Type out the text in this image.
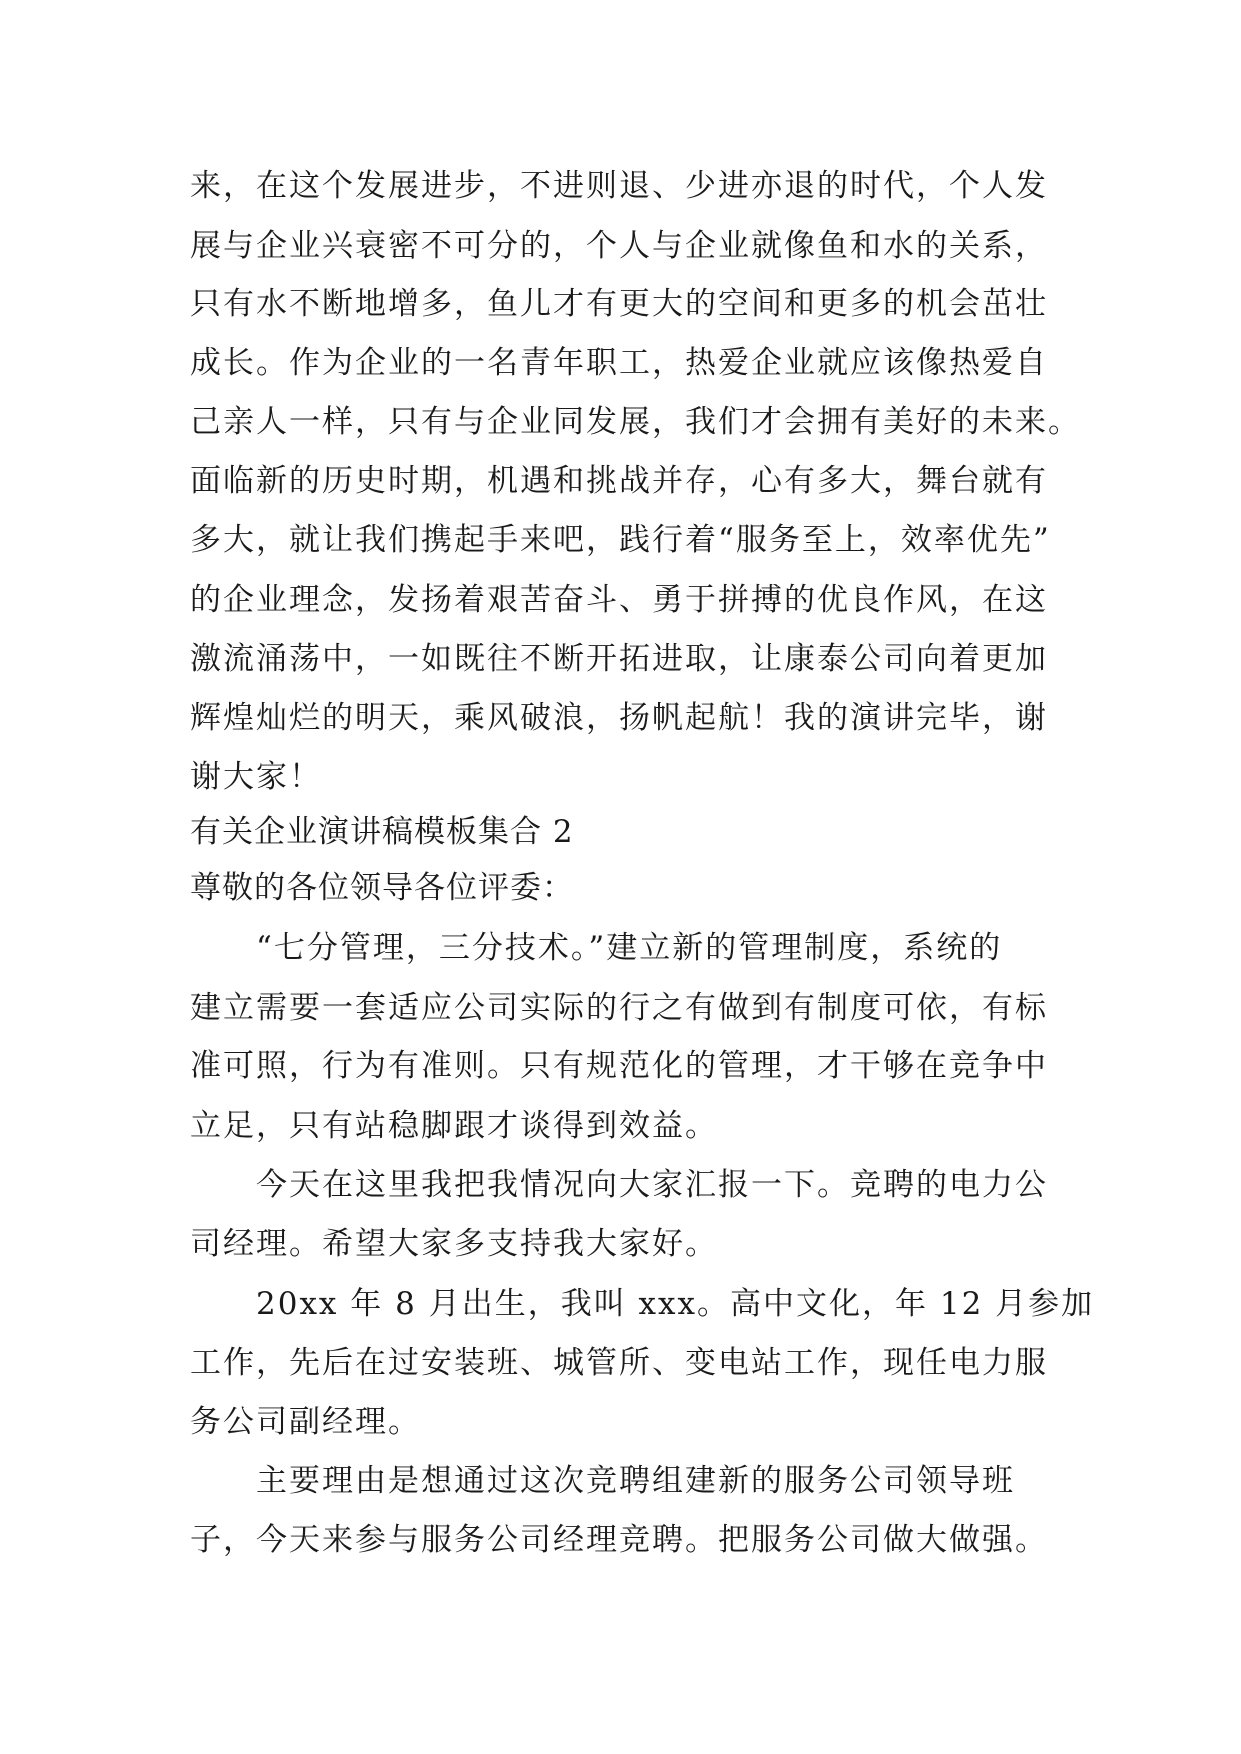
来，在这个发展进步，不进则退、少进亦退的时代，个人发
展与企业兴衰密不可分的，个人与企业就像鱼和水的关系，
只有水不断地增多，鱼儿才有更大的空间和更多的机会茁壮
成长。作为企业的一名青年职工，热爱企业就应该像热爱自
己亲人一样，只有与企业同发展，我们才会拥有美好的未来。
面临新的历史时期，机遇和挑战并存，心有多大，舞台就有
多大，就让我们携起手来吧，践行着“服务至上，效率优先”
的企业理念，发扬着艰苦奋斗、勇于拼搏的优良作风，在这
激流涌荡中，一如既往不断开拓进取，让康泰公司向着更加
辉煌灿烂的明天，乘风破浪，扬帆起航！我的演讲完毕，谢
谢大家！
有关企业演讲稿模板集合 2
尊敬的各位领导各位评委：
“七分管理，三分技术。”建立新的管理制度，系统的
建立需要一套适应公司实际的行之有做到有制度可依，有标
准可照，行为有准则。只有规范化的管理，才干够在竞争中
立足，只有站稳脚跟才谈得到效益。
今天在这里我把我情况向大家汇报一下。竞聘的电力公
司经理。希望大家多支持我大家好。
20xx 年 8 月出生，我叫 xxx。高中文化，年 12 月参加
工作，先后在过安装班、城管所、变电站工作，现任电力服
务公司副经理。
主要理由是想通过这次竞聘组建新的服务公司领导班
子，今天来参与服务公司经理竞聘。把服务公司做大做强。
